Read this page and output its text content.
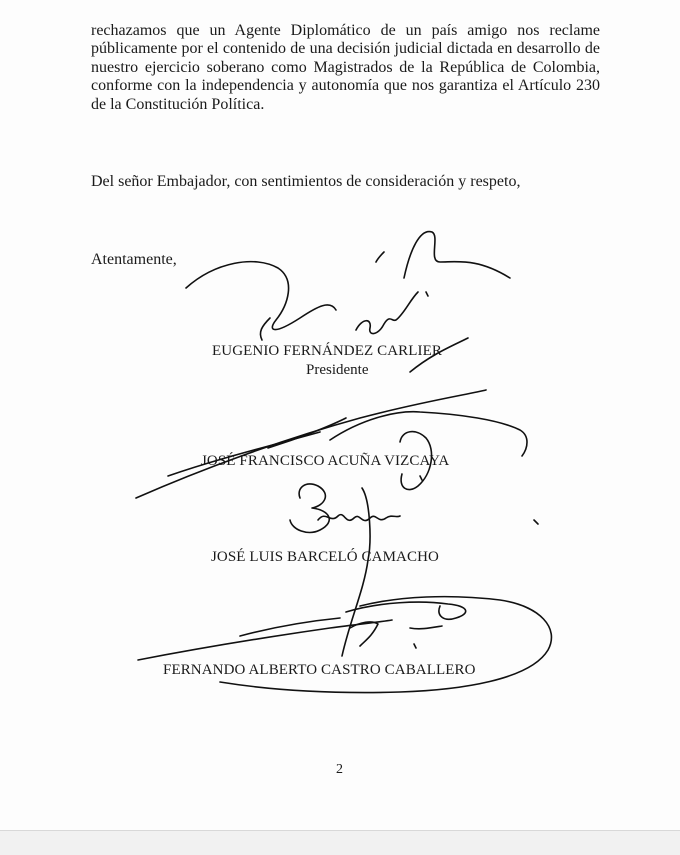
rechazamos que un Agente Diplomático de un país amigo nos reclame públicamente por el contenido de una decisión judicial dictada en desarrollo de nuestro ejercicio soberano como Magistrados de la República de Colombia, conforme con la independencia y autonomía que nos garantiza el Artículo 230 de la Constitución Política.

Del señor Embajador, con sentimientos de consideración y respeto,

Atentamente,

EUGENIO FERNÁNDEZ CARLIER

Presidente

JOSÉ FRANCISCO ACUÑA VIZCAYA

JOSÉ LUIS BARCELÓ CAMACHO

FERNANDO ALBERTO CASTRO CABALLERO

2
